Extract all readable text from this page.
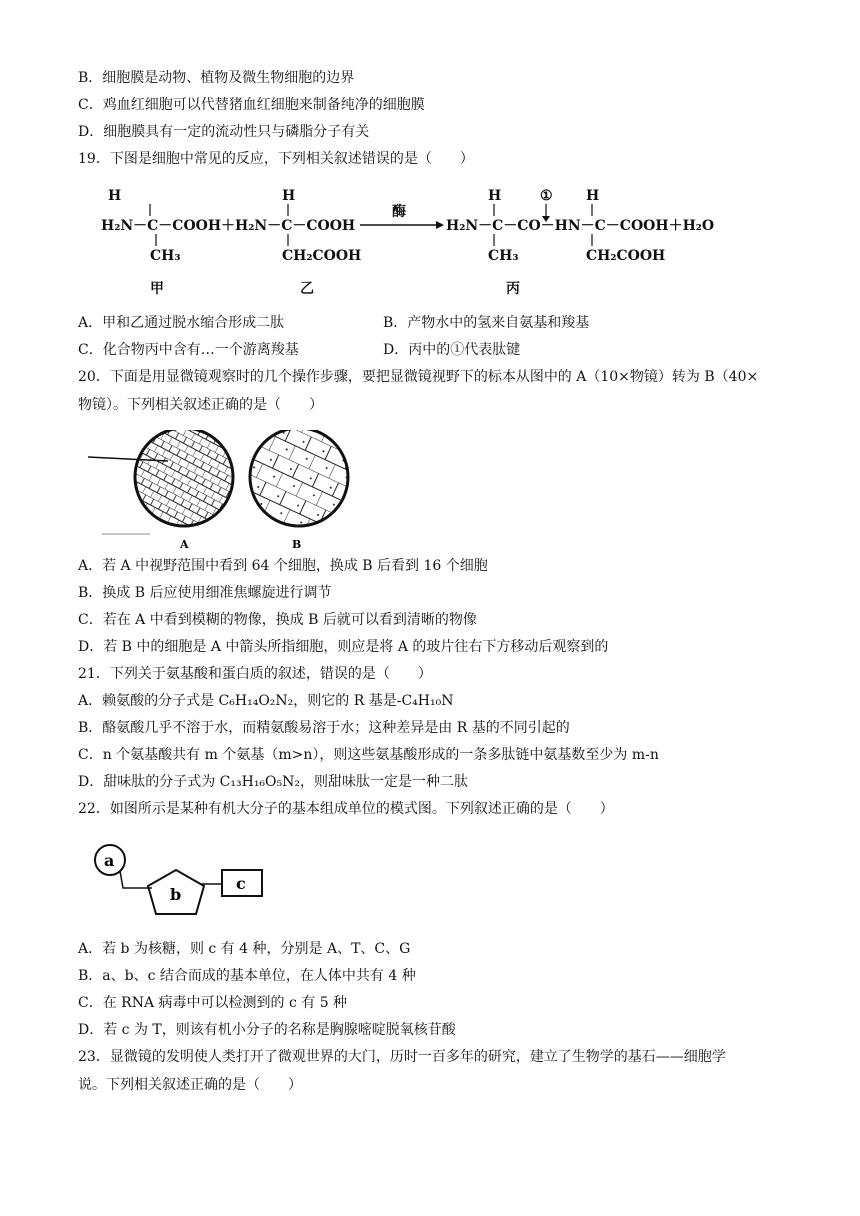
B．细胞膜是动物、植物及微生物细胞的边界
C．鸡血红细胞可以代替猪血红细胞来制备纯净的细胞膜
D．细胞膜具有一定的流动性只与磷脂分子有关
19．下图是细胞中常见的反应，下列相关叙述错误的是（　　）
H
H₂N－C－COOH＋H₂N－C－COOH
CH₃
甲
H
CH₂COOH
乙
酶
H	① H
H₂N－C－CO－HN－C－COOH＋H₂O
CH₃	CH₂COOH
丙
A．甲和乙通过脱水缩合形成二肽	B．产物水中的氢来自氨基和羧基
C．化合物丙中含有…一个游离羧基	D．丙中的①代表肽键
20．下面是用显微镜观察时的几个操作步骤，要把显微镜视野下的标本从图中的 A（10×物镜）转为 B（40×
物镜）。下列相关叙述正确的是（　　）
A	B
A．若 A 中视野范围中看到 64 个细胞，换成 B 后看到 16 个细胞
B．换成 B 后应使用细准焦螺旋进行调节
C．若在 A 中看到模糊的物像，换成 B 后就可以看到清晰的物像
D．若 B 中的细胞是 A 中箭头所指细胞，则应是将 A 的玻片往右下方移动后观察到的
21．下列关于氨基酸和蛋白质的叙述，错误的是（　　）
A．赖氨酸的分子式是 C₆H₁₄O₂N₂，则它的 R 基是-C₄H₁₀N
B．酪氨酸几乎不溶于水，而精氨酸易溶于水；这种差异是由 R 基的不同引起的
C．n 个氨基酸共有 m 个氨基（m>n），则这些氨基酸形成的一条多肽链中氨基数至少为 m-n
D．甜味肽的分子式为 C₁₃H₁₆O₅N₂，则甜味肽一定是一种二肽
22．如图所示是某种有机大分子的基本组成单位的模式图。下列叙述正确的是（　　）
a
b
c
A．若 b 为核糖，则 c 有 4 种，分别是 A、T、C、G
B．a、b、c 结合而成的基本单位，在人体中共有 4 种
C．在 RNA 病毒中可以检测到的 c 有 5 种
D．若 c 为 T，则该有机小分子的名称是胸腺嘧啶脱氧核苷酸
23．显微镜的发明使人类打开了微观世界的大门，历时一百多年的研究，建立了生物学的基石——细胞学
说。下列相关叙述正确的是（　　）
